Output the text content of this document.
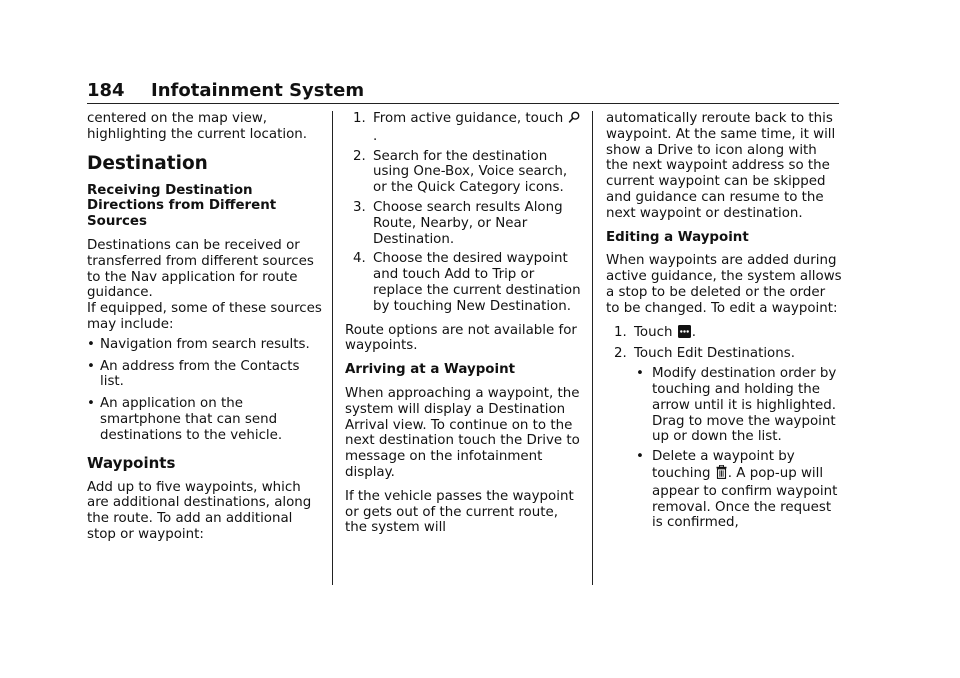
184 Infotainment System

centered on the map view, highlighting the current location.

Destination

Receiving Destination Directions from Different Sources

Destinations can be received or transferred from different sources to the Nav application for route guidance.

If equipped, some of these sources may include:

• Navigation from search results.
• An address from the Contacts list.
• An application on the smartphone that can send destinations to the vehicle.
Waypoints

Add up to five waypoints, which are additional destinations, along the route. To add an additional stop or waypoint:

1. From active guidance, touch .
2. Search for the destination using One-Box, Voice search, or the Quick Category icons.
3. Choose search results Along Route, Nearby, or Near Destination.
4. Choose the desired waypoint and touch Add to Trip or replace the current destination by touching New Destination.

Route options are not available for waypoints.

Arriving at a Waypoint

When approaching a waypoint, the system will display a Destination Arrival view. To continue on to the next destination touch the Drive to message on the infotainment display.

If the vehicle passes the waypoint or gets out of the current route, the system will

automatically reroute back to this waypoint. At the same time, it will show a Drive to icon along with the next waypoint address so the current waypoint can be skipped and guidance can resume to the next waypoint or destination.

Editing a Waypoint

When waypoints are added during active guidance, the system allows a stop to be deleted or the order to be changed. To edit a waypoint:

1. Touch .
2. Touch Edit Destinations.
• Modify destination order by touching and holding the arrow until it is highlighted. Drag to move the waypoint up or down the list.
• Delete a waypoint by touching . A pop-up will appear to confirm waypoint removal. Once the request is confirmed,
